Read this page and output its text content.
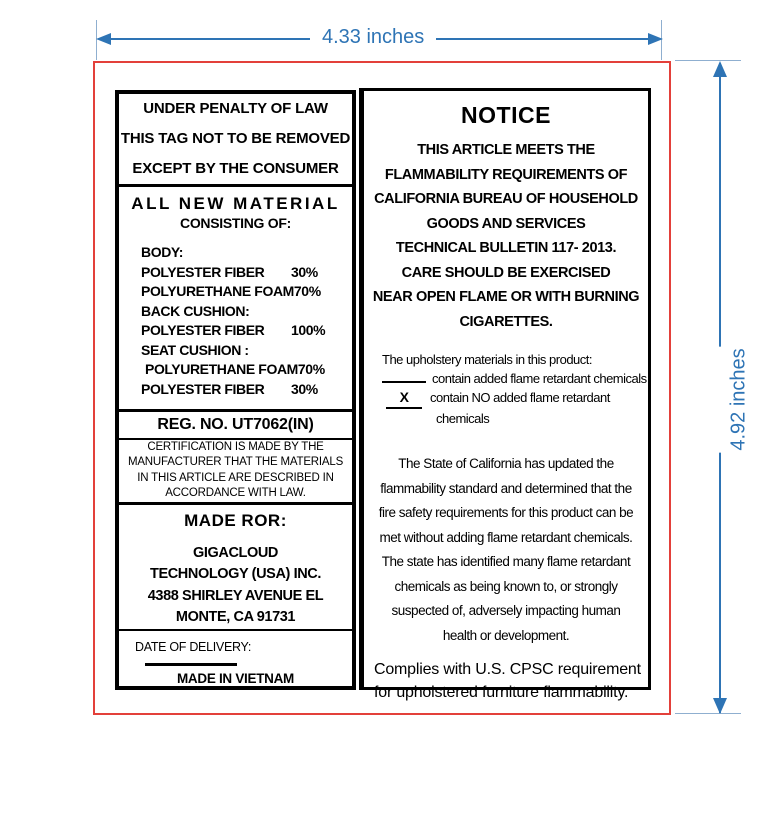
4.33 inches
4.92 inches
UNDER PENALTY OF LAW
THIS TAG NOT TO BE REMOVED
EXCEPT BY THE CONSUMER
ALL NEW MATERIAL
CONSISTING OF:
BODY:
POLYESTER FIBER	30%
POLYURETHANE FOAM 70%
BACK CUSHION:
POLYESTER FIBER	100%
SEAT CUSHION :
POLYURETHANE FOAM 70%
POLYESTER FIBER	30%
REG. NO. UT7062(IN)
CERTIFICATION IS MADE BY THE MANUFACTURER THAT THE MATERIALS IN THIS ARTICLE ARE DESCRIBED IN ACCORDANCE WITH LAW.
MADE ROR:
GIGACLOUD
TECHNOLOGY (USA) INC.
4388 SHIRLEY AVENUE EL
MONTE, CA 91731
DATE OF DELIVERY:
MADE IN VIETNAM
NOTICE
THIS ARTICLE MEETS THE
FLAMMABILITY REQUIREMENTS OF
CALIFORNIA BUREAU OF HOUSEHOLD
GOODS AND SERVICES
TECHNICAL BULLETIN 117- 2013.
CARE SHOULD BE EXERCISED
NEAR OPEN FLAME OR WITH BURNING
CIGARETTES.
The upholstery materials in this product:
contain added flame retardant chemicals
X contain NO added flame retardant
chemicals
The State of California has updated the flammability standard and determined that the fire safety requirements for this product can be met without adding flame retardant chemicals. The state has identified many flame retardant chemicals as being known to, or strongly suspected of, adversely impacting human health or development.
Complies with U.S. CPSC requirement for upholstered furniture flammability.
